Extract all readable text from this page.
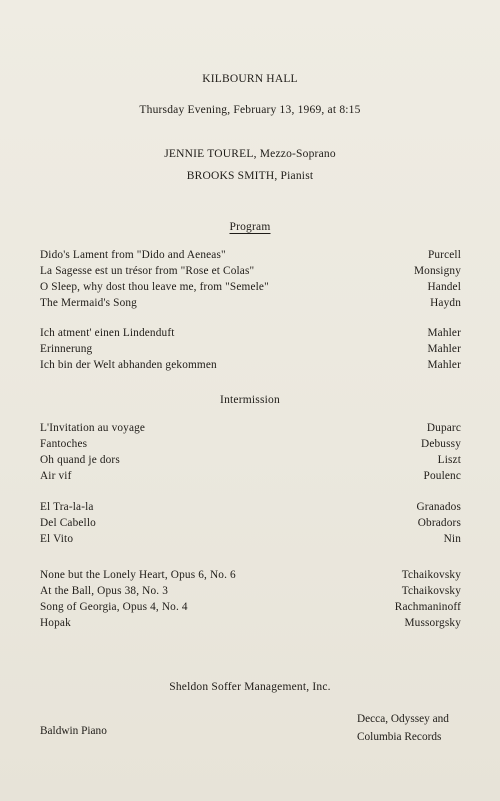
KILBOURN HALL
Thursday Evening, February 13, 1969, at 8:15
JENNIE TOUREL, Mezzo-Soprano
BROOKS SMITH, Pianist
Program
Dido's Lament from "Dido and Aeneas"	Purcell
La Sagesse est un trésor from "Rose et Colas"	Monsigny
O Sleep, why dost thou leave me, from "Semele"	Handel
The Mermaid's Song	Haydn
Ich atment' einen Lindenduft	Mahler
Erinnerung	Mahler
Ich bin der Welt abhanden gekommen	Mahler
Intermission
L'Invitation au voyage	Duparc
Fantoches	Debussy
Oh quand je dors	Liszt
Air vif	Poulenc
El Tra-la-la	Granados
Del Cabello	Obradors
El Vito	Nin
None but the Lonely Heart, Opus 6, No. 6	Tchaikovsky
At the Ball, Opus 38, No. 3	Tchaikovsky
Song of Georgia, Opus 4, No. 4	Rachmaninoff
Hopak	Mussorgsky
Sheldon Soffer Management, Inc.
Baldwin Piano
Decca, Odyssey and
Columbia Records
